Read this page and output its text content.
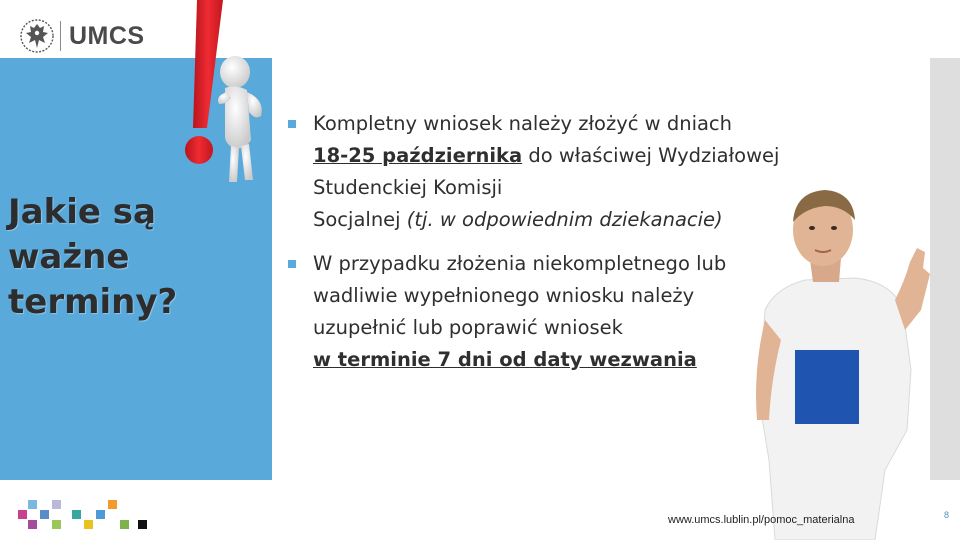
UMCS
Jakie są
ważne
terminy?
Kompletny wniosek należy złożyć w dniach
18-25 października do właściwej Wydziałowej
Studenckiej Komisji
Socjalnej (tj. w odpowiednim dziekanacie)
W przypadku złożenia niekompletnego lub
wadliwie wypełnionego wniosku należy
uzupełnić lub poprawić wniosek
w terminie 7 dni od daty wezwania
www.umcs.lublin.pl/pomoc_materialna	8
